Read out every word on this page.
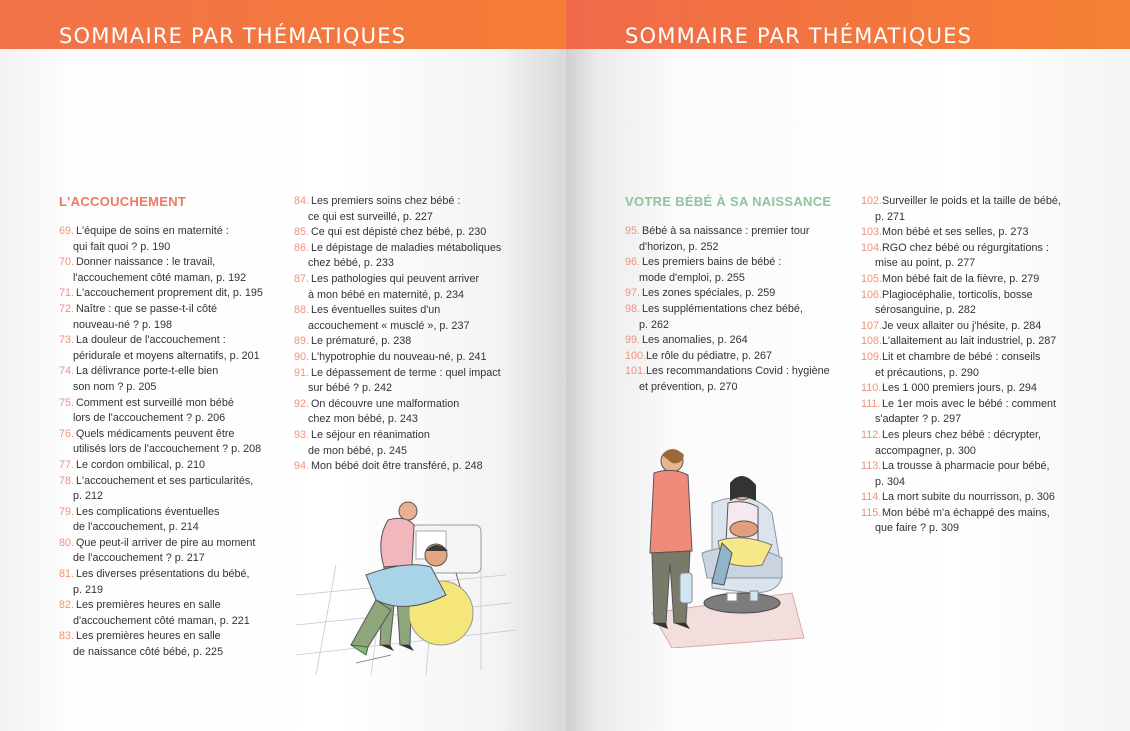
SOMMAIRE PAR THÉMATIQUES
L'ACCOUCHEMENT
69. L'équipe de soins en maternité :
qui fait quoi ? p. 190
70. Donner naissance : le travail,
l'accouchement côté maman, p. 192
71. L'accouchement proprement dit, p. 195
72. Naître : que se passe-t-il côté
nouveau-né ? p. 198
73. La douleur de l'accouchement :
péridurale et moyens alternatifs, p. 201
74. La délivrance porte-t-elle bien
son nom ? p. 205
75. Comment est surveillé mon bébé
lors de l'accouchement ? p. 206
76. Quels médicaments peuvent être
utilisés lors de l'accouchement ? p. 208
77. Le cordon ombilical, p. 210
78. L'accouchement et ses particularités,
p. 212
79. Les complications éventuelles
de l'accouchement, p. 214
80. Que peut-il arriver de pire au moment
de l'accouchement ? p. 217
81. Les diverses présentations du bébé,
p. 219
82. Les premières heures en salle
d'accouchement côté maman, p. 221
83. Les premières heures en salle
de naissance côté bébé, p. 225
84. Les premiers soins chez bébé :
ce qui est surveillé, p. 227
85. Ce qui est dépisté chez bébé, p. 230
86. Le dépistage de maladies métaboliques
chez bébé, p. 233
87. Les pathologies qui peuvent arriver
à mon bébé en maternité, p. 234
88. Les éventuelles suites d'un
accouchement « musclé », p. 237
89. Le prématuré, p. 238
90. L'hypotrophie du nouveau-né, p. 241
91. Le dépassement de terme : quel impact
sur bébé ? p. 242
92. On découvre une malformation
chez mon bébé, p. 243
93. Le séjour en réanimation
de mon bébé, p. 245
94. Mon bébé doit être transféré, p. 248
SOMMAIRE PAR THÉMATIQUES
VOTRE BÉBÉ À SA NAISSANCE
95. Bébé à sa naissance : premier tour
d'horizon, p. 252
96. Les premiers bains de bébé :
mode d'emploi, p. 255
97. Les zones spéciales, p. 259
98. Les supplémentations chez bébé,
p. 262
99. Les anomalies, p. 264
100. Le rôle du pédiatre, p. 267
101. Les recommandations Covid : hygiène
et prévention, p. 270
102. Surveiller le poids et la taille de bébé,
p. 271
103. Mon bébé et ses selles, p. 273
104. RGO chez bébé ou régurgitations :
mise au point, p. 277
105. Mon bébé fait de la fièvre, p. 279
106. Plagiocéphalie, torticolis, bosse
sérosanguine, p. 282
107. Je veux allaiter ou j'hésite, p. 284
108. L'allaitement au lait industriel, p. 287
109. Lit et chambre de bébé : conseils
et précautions, p. 290
110. Les 1 000 premiers jours, p. 294
111. Le 1er mois avec le bébé : comment
s'adapter ? p. 297
112. Les pleurs chez bébé : décrypter,
accompagner, p. 300
113. La trousse à pharmacie pour bébé,
p. 304
114. La mort subite du nourrisson, p. 306
115. Mon bébé m'a échappé des mains,
que faire ? p. 309
